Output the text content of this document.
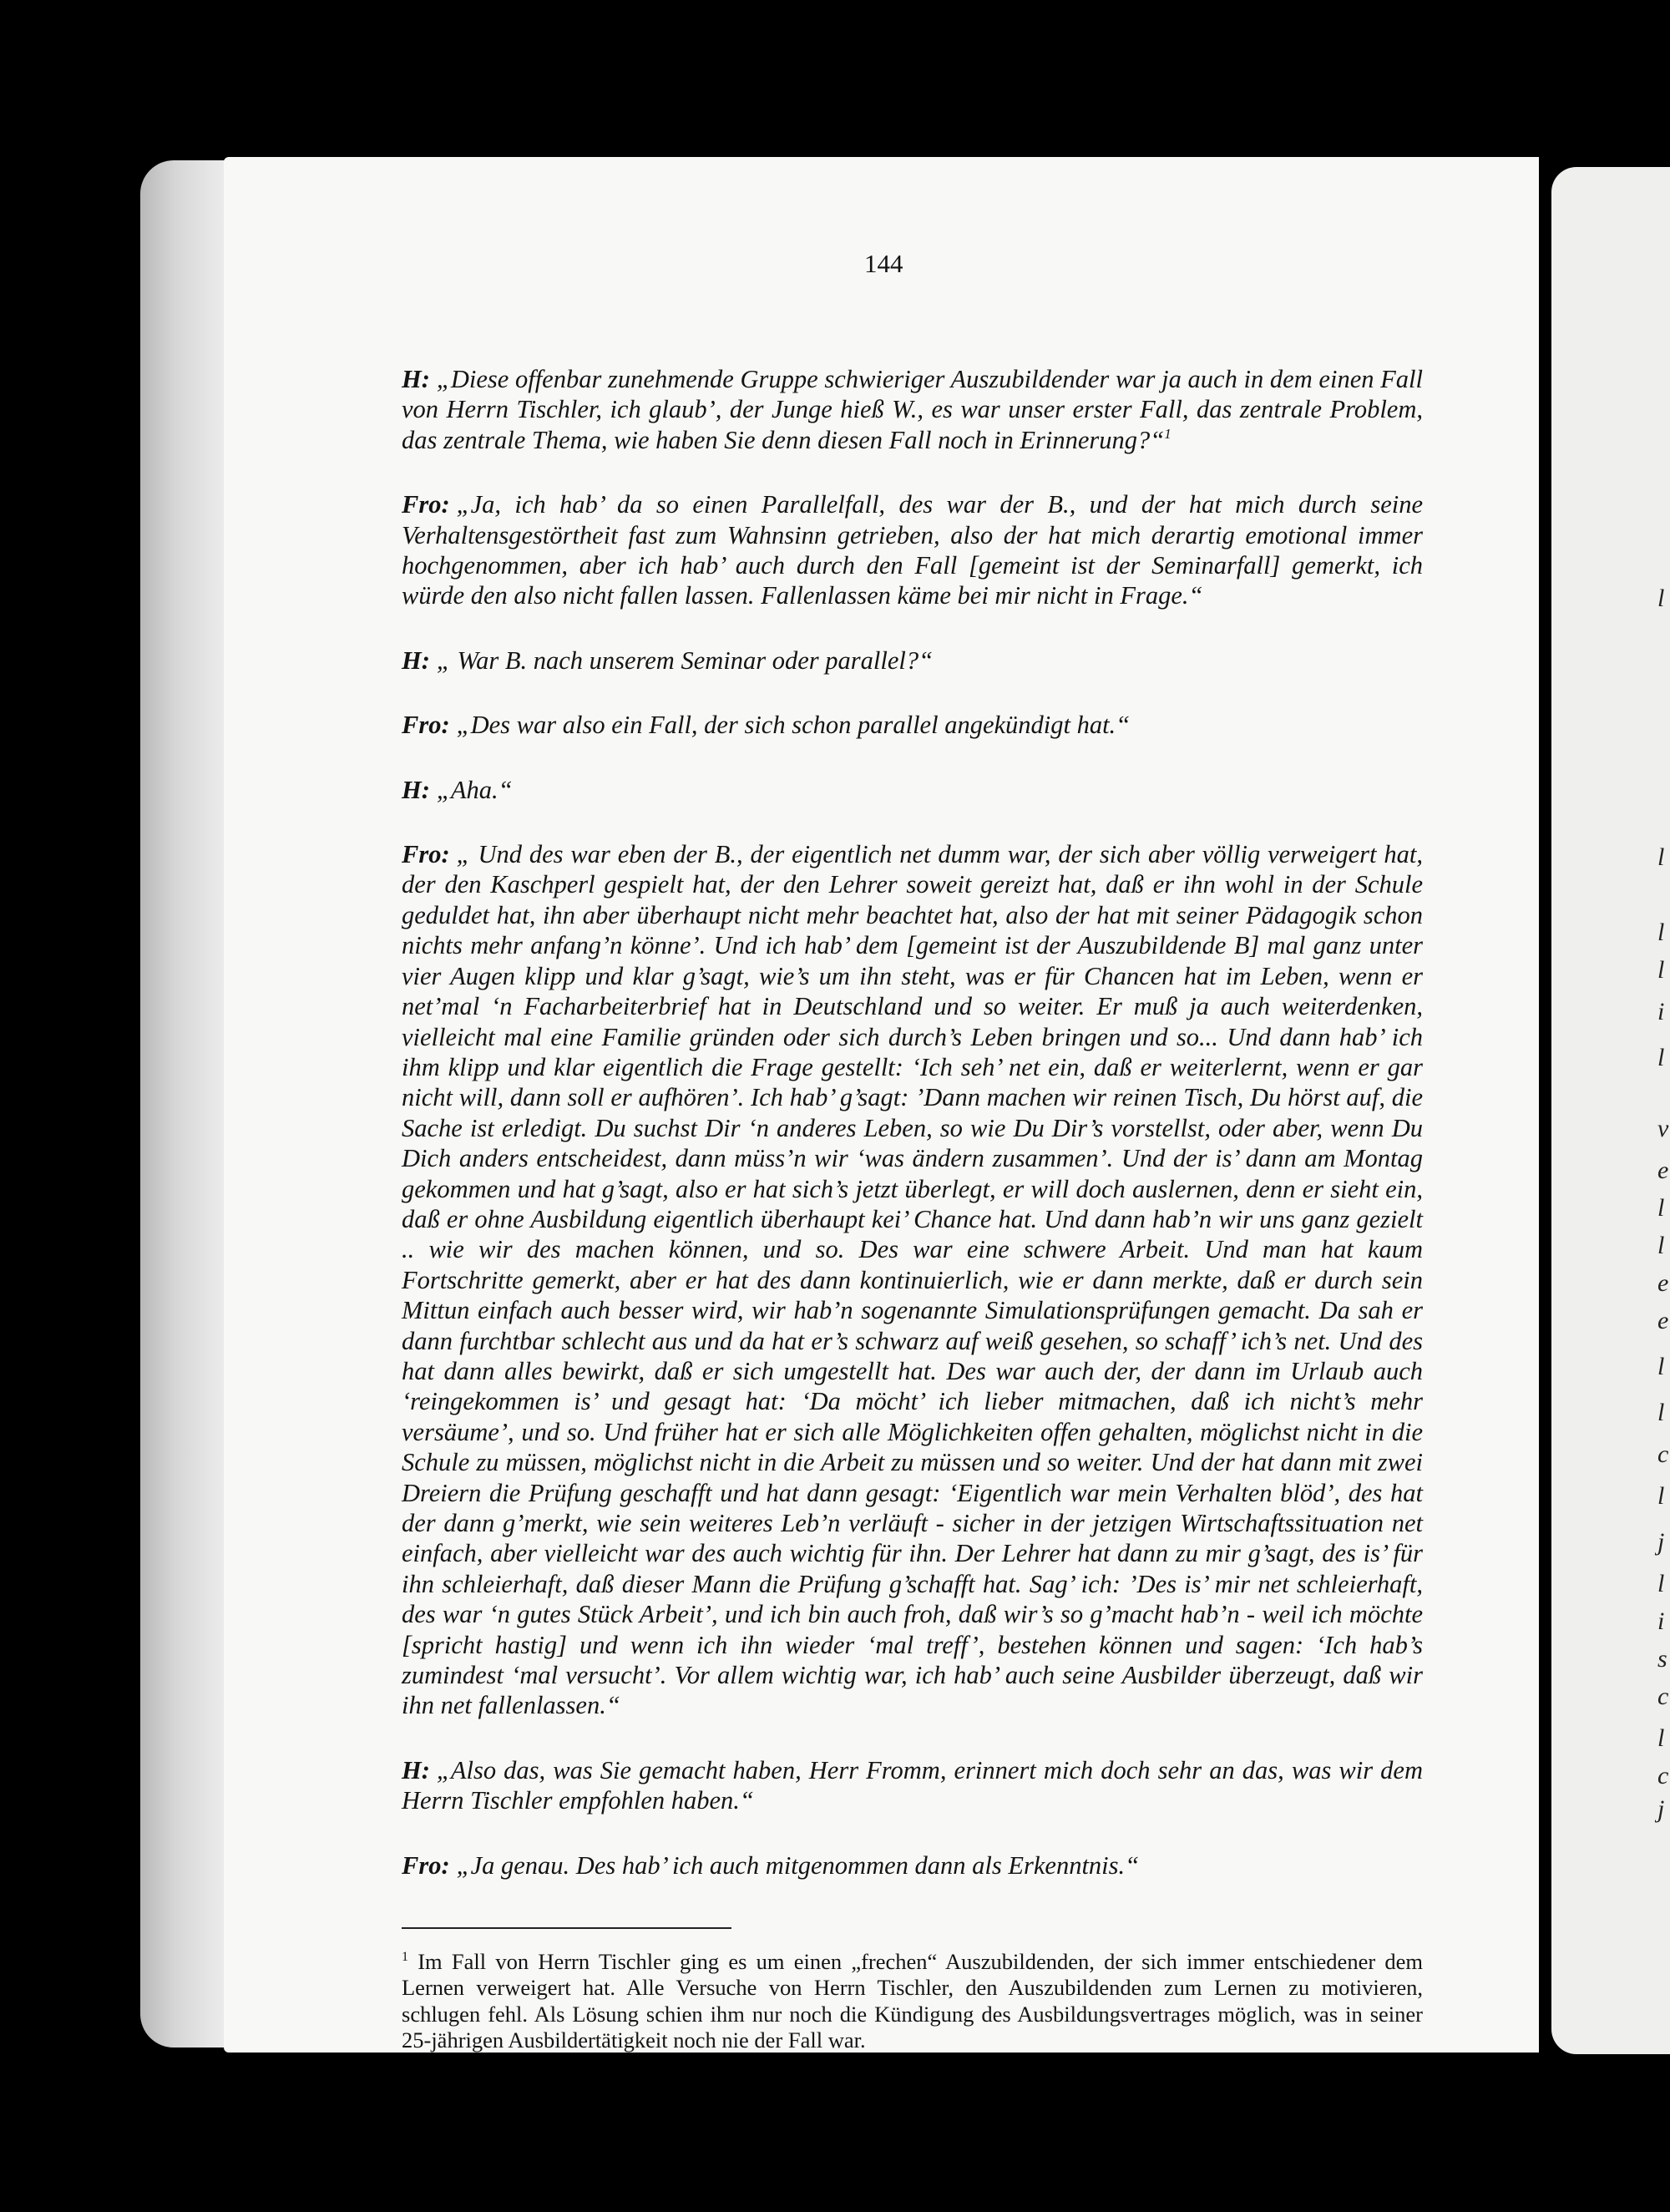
l
l
l
l
i
l
v
e
l
l
e
e
l
l
c
l
j
l
i
s
c
l
c
j
144

H: „Diese offenbar zunehmende Gruppe schwieriger Auszubildender war ja auch in dem einen Fall von Herrn Tischler, ich glaub’, der Junge hieß W., es war unser erster Fall, das zentrale Problem, das zentrale Thema, wie haben Sie denn diesen Fall noch in Erinnerung?“$^1$

Fro: „Ja, ich hab’ da so einen Parallelfall, des war der B., und der hat mich durch seine Verhaltensgestörtheit fast zum Wahnsinn getrieben, also der hat mich derartig emotional immer hochgenommen, aber ich hab’ auch durch den Fall [gemeint ist der Seminarfall] gemerkt, ich würde den also nicht fallen lassen. Fallenlassen käme bei mir nicht in Frage.“

H: „ War B. nach unserem Seminar oder parallel?“

Fro: „Des war also ein Fall, der sich schon parallel angekündigt hat.“

H: „Aha.“

Fro: „ Und des war eben der B., der eigentlich net dumm war, der sich aber völlig verweigert hat, der den Kaschperl gespielt hat, der den Lehrer soweit gereizt hat, daß er ihn wohl in der Schule geduldet hat, ihn aber überhaupt nicht mehr beachtet hat, also der hat mit seiner Pädagogik schon nichts mehr anfang’n könne’. Und ich hab’ dem [gemeint ist der Auszubildende B] mal ganz unter vier Augen klipp und klar g’sagt, wie’s um ihn steht, was er für Chancen hat im Leben, wenn er net’mal ‘n Facharbeiterbrief hat in Deutschland und so weiter. Er muß ja auch weiterdenken, vielleicht mal eine Familie gründen oder sich durch’s Leben bringen und so... Und dann hab’ ich ihm klipp und klar eigentlich die Frage gestellt: ‘Ich seh’ net ein, daß er weiterlernt, wenn er gar nicht will, dann soll er aufhören’. Ich hab’ g’sagt: ’Dann machen wir reinen Tisch, Du hörst auf, die Sache ist erledigt. Du suchst Dir ‘n anderes Leben, so wie Du Dir’s vorstellst, oder aber, wenn Du Dich anders entscheidest, dann müss’n wir ‘was ändern zusammen’. Und der is’ dann am Montag gekommen und hat g’sagt, also er hat sich’s jetzt überlegt, er will doch auslernen, denn er sieht ein, daß er ohne Ausbildung eigentlich überhaupt kei’ Chance hat. Und dann hab’n wir uns ganz gezielt .. wie wir des machen können, und so. Des war eine schwere Arbeit. Und man hat kaum Fortschritte gemerkt, aber er hat des dann kontinuierlich, wie er dann merkte, daß er durch sein Mittun einfach auch besser wird, wir hab’n sogenannte Simulationsprüfungen gemacht. Da sah er dann furchtbar schlecht aus und da hat er’s schwarz auf weiß gesehen, so schaff’ ich’s net. Und des hat dann alles bewirkt, daß er sich umgestellt hat. Des war auch der, der dann im Urlaub auch ‘reingekommen is’ und gesagt hat: ‘Da möcht’ ich lieber mitmachen, daß ich nicht’s mehr versäume’, und so. Und früher hat er sich alle Möglichkeiten offen gehalten, möglichst nicht in die Schule zu müssen, möglichst nicht in die Arbeit zu müssen und so weiter. Und der hat dann mit zwei Dreiern die Prüfung geschafft und hat dann gesagt: ‘Eigentlich war mein Verhalten blöd’, des hat der dann g’merkt, wie sein weiteres Leb’n verläuft - sicher in der jetzigen Wirtschaftssituation net einfach, aber vielleicht war des auch wichtig für ihn. Der Lehrer hat dann zu mir g’sagt, des is’ für ihn schleierhaft, daß dieser Mann die Prüfung g’schafft hat. Sag’ ich: ’Des is’ mir net schleierhaft, des war ‘n gutes Stück Arbeit’, und ich bin auch froh, daß wir’s so g’macht hab’n - weil ich möchte [spricht hastig] und wenn ich ihn wieder ‘mal treff’, bestehen können und sagen: ‘Ich hab’s zumindest ‘mal versucht’. Vor allem wichtig war, ich hab’ auch seine Ausbilder überzeugt, daß wir ihn net fallenlassen.“

H: „Also das, was Sie gemacht haben, Herr Fromm, erinnert mich doch sehr an das, was wir dem Herrn Tischler empfohlen haben.“

Fro: „Ja genau. Des hab’ ich auch mitgenommen dann als Erkenntnis.“

$^1$ Im Fall von Herrn Tischler ging es um einen „frechen“ Auszubildenden, der sich immer entschiedener dem Lernen verweigert hat. Alle Versuche von Herrn Tischler, den Auszubildenden zum Lernen zu motivieren, schlugen fehl. Als Lösung schien ihm nur noch die Kündigung des Ausbildungsvertrages möglich, was in seiner 25-jährigen Ausbildertätigkeit noch nie der Fall war.
